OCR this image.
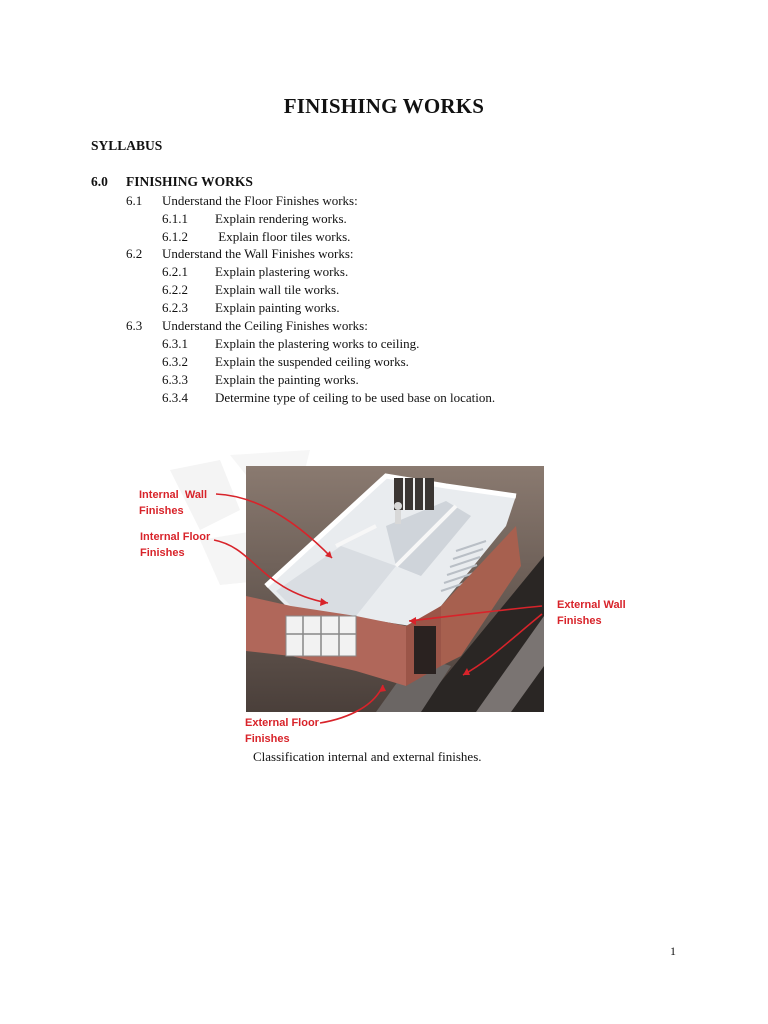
FINISHING WORKS
SYLLABUS
6.0 FINISHING WORKS
6.1 Understand the Floor Finishes works:
6.1.1 Explain rendering works.
6.1.2 Explain floor tiles works.
6.2 Understand the Wall Finishes works:
6.2.1 Explain plastering works.
6.2.2 Explain wall tile works.
6.2.3 Explain painting works.
6.3 Understand the Ceiling Finishes works:
6.3.1 Explain the plastering works to ceiling.
6.3.2 Explain the suspended ceiling works.
6.3.3 Explain the painting works.
6.3.4 Determine type of ceiling to be used base on location.
Internal  Wall
Finishes
Internal Floor
Finishes
External Wall
Finishes
External Floor
Finishes
Classification internal and external finishes.
1
